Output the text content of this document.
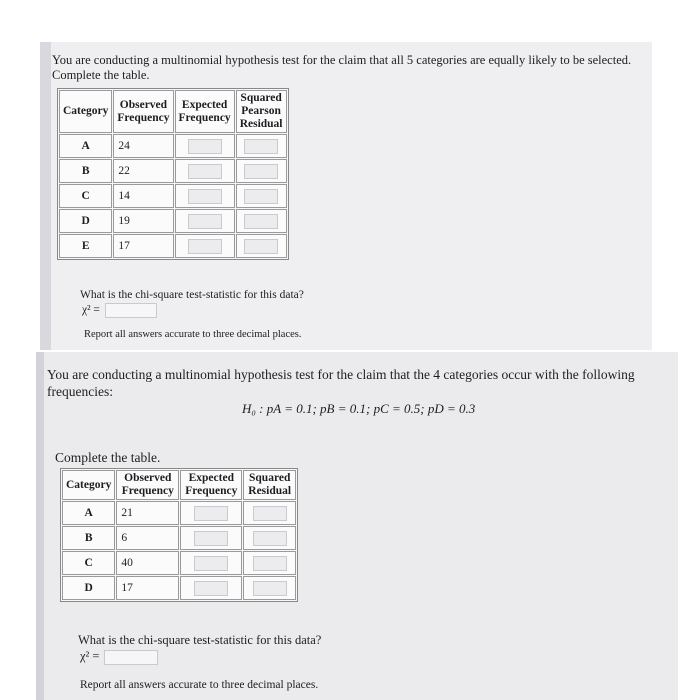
You are conducting a multinomial hypothesis test for the claim that all 5 categories are equally likely to be selected.
Complete the table.
Category	Observed Frequency	Expected Frequency	Squared Pearson Residual
A	24		
B	22		
C	14		
D	19		
E	17		
What is the chi-square test-statistic for this data?
χ² =
Report all answers accurate to three decimal places.
You are conducting a multinomial hypothesis test for the claim that the 4 categories occur with the following
frequencies:
H₀ : pA = 0.1; pB = 0.1; pC = 0.5; pD = 0.3
Complete the table.
Category	Observed Frequency	Expected Frequency	Squared Residual
A	21		
B	6		
C	40		
D	17		
What is the chi-square test-statistic for this data?
χ² =
Report all answers accurate to three decimal places.
